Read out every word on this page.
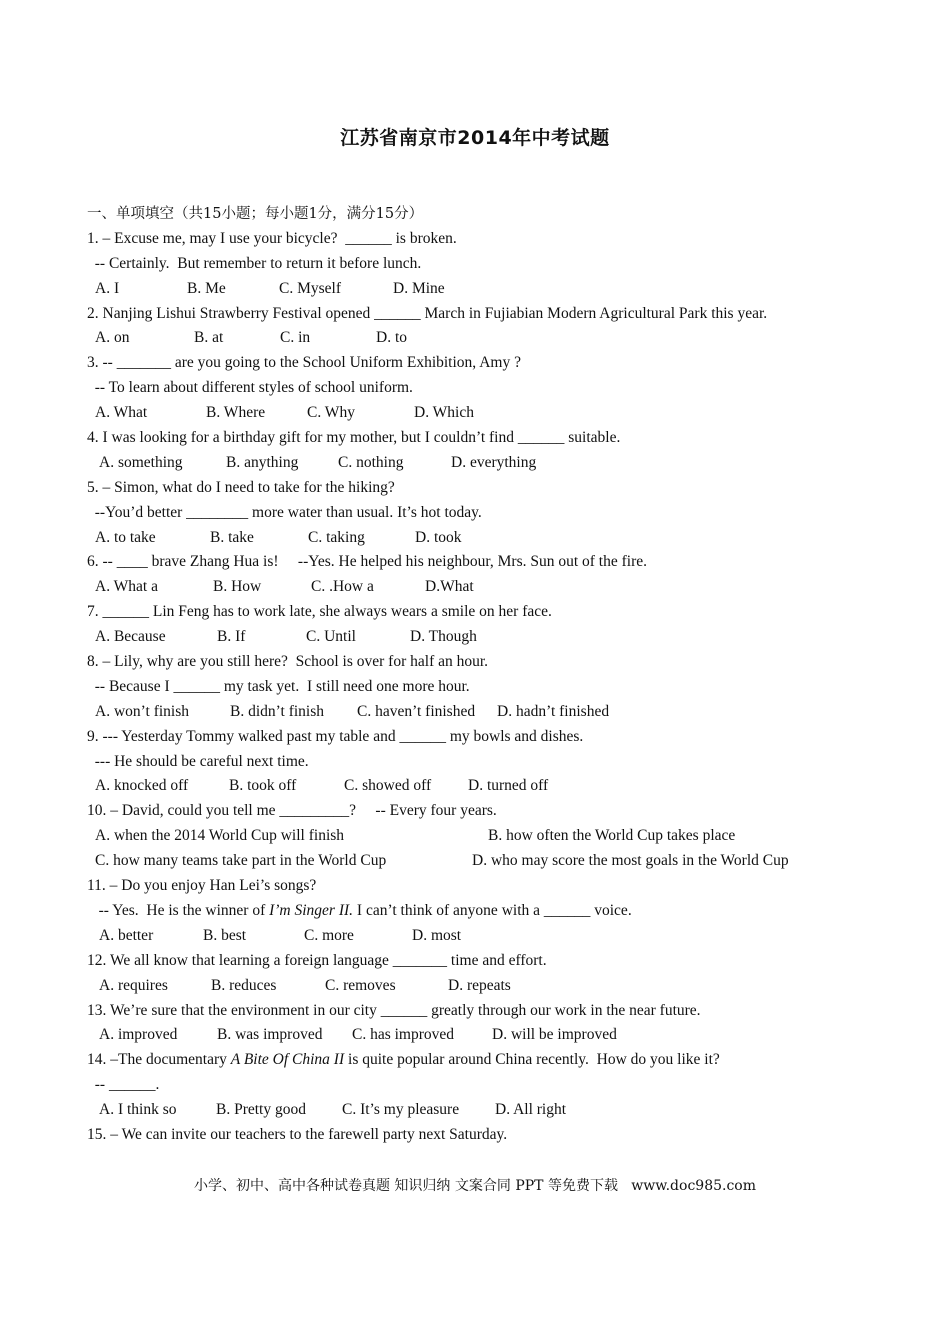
江苏省南京市2014年中考试题
一、单项填空（共15小题；每小题1分，满分15分）
1. – Excuse me, may I use your bicycle?  ______ is broken.
-- Certainly.  But remember to return it before lunch.
A. I	B. Me	C. Myself	D. Mine
2. Nanjing Lishui Strawberry Festival opened ______ March in Fujiabian Modern Agricultural Park this year.
A. on	B. at	C. in	D. to
3. -- _______ are you going to the School Uniform Exhibition, Amy ?
-- To learn about different styles of school uniform.
A. What	B. Where	C. Why	D. Which
4. I was looking for a birthday gift for my mother, but I couldn’t find ______ suitable.
A. something	B. anything	C. nothing	D. everything
5. – Simon, what do I need to take for the hiking?
--You’d better ________ more water than usual. It’s hot today.
A. to take	B. take	C. taking	D. took
6. -- ____ brave Zhang Hua is!     --Yes. He helped his neighbour, Mrs. Sun out of the fire.
A. What a	B. How	C. .How a	D.What
7. ______ Lin Feng has to work late, she always wears a smile on her face.
A. Because	B. If	C. Until	D. Though
8. – Lily, why are you still here?  School is over for half an hour.
-- Because I ______ my task yet.  I still need one more hour.
A. won’t finish	B. didn’t finish C. haven’t finished D. hadn’t finished
9. --- Yesterday Tommy walked past my table and ______ my bowls and dishes.
--- He should be careful next time.
A. knocked off	B. took off	C. showed off D. turned off
10. – David, could you tell me _________?     -- Every four years.
A. when the 2014 World Cup will finish	B. how often the World Cup takes place
C. how many teams take part in the World Cup	D. who may score the most goals in the World Cup
11. – Do you enjoy Han Lei’s songs?
-- Yes.  He is the winner of I’m Singer II. I can’t think of anyone with a ______ voice.
A. better	B. best	C. more	D. most
12. We all know that learning a foreign language _______ time and effort.
A. requires	B. reduces	C. removes	D. repeats
13. We’re sure that the environment in our city ______ greatly through our work in the near future.
A. improved	B. was improved C. has improved D. will be improved
14. –The documentary A Bite Of China II is quite popular around China recently.  How do you like it?
-- ______.
A. I think so	B. Pretty good C. It’s my pleasure D. All right
15. – We can invite our teachers to the farewell party next Saturday.
小学、初中、高中各种试卷真题 知识归纳 文案合同 PPT 等免费下载   www.doc985.com
